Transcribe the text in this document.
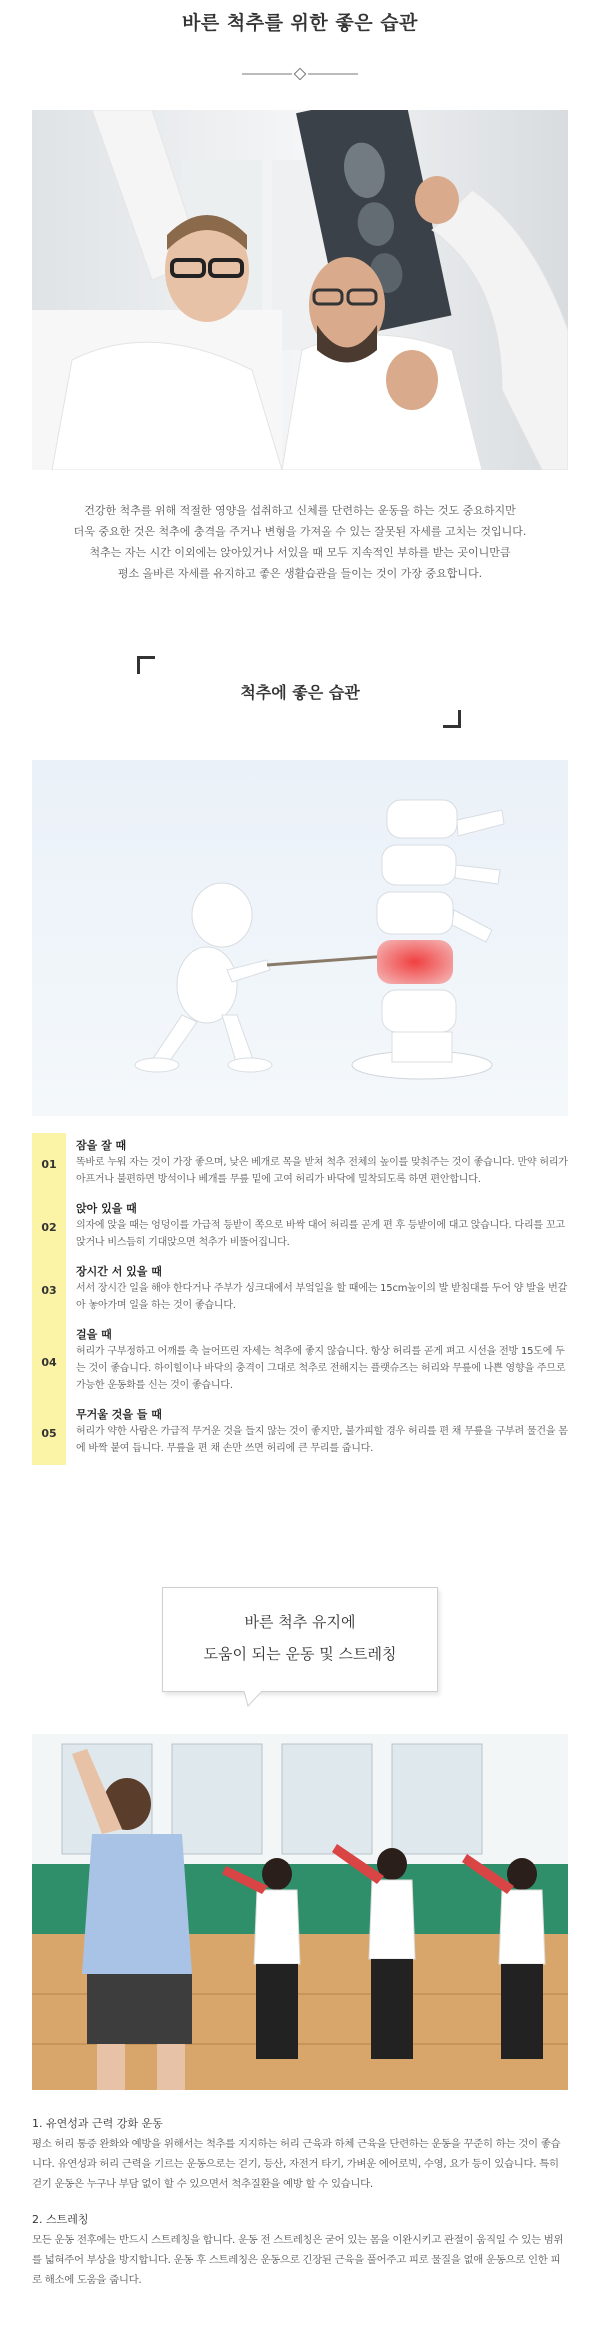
바른 척추를 위한 좋은 습관

건강한 척추를 위해 적절한 영양을 섭취하고 신체를 단련하는 운동을 하는 것도 중요하지만

더욱 중요한 것은 척추에 충격을 주거나 변형을 가져올 수 있는 잘못된 자세를 고치는 것입니다.

척추는 자는 시간 이외에는 앉아있거나 서있을 때 모두 지속적인 부하를 받는 곳이니만큼

평소 올바른 자세를 유지하고 좋은 생활습관을 들이는 것이 가장 중요합니다.

척추에 좋은 습관
01
잠을 잘 때
똑바로 누워 자는 것이 가장 좋으며, 낮은 베개로 목을 받쳐 척추 전체의 높이를 맞춰주는 것이 좋습니다. 만약 허리가 아프거나 불편하면 방석이나 베개를 무릎 밑에 고여 허리가 바닥에 밀착되도록 하면 편안합니다.
02
앉아 있을 때
의자에 앉을 때는 엉덩이를 가급적 등받이 쪽으로 바싹 대어 허리를 곧게 편 후 등받이에 대고 앉습니다. 다리를 꼬고 앉거나 비스듬히 기대앉으면 척추가 비뚤어집니다.
03
장시간 서 있을 때
서서 장시간 일을 해야 한다거나 주부가 싱크대에서 부엌일을 할 때에는 15cm높이의 발 받침대를 두어 양 발을 번갈아 놓아가며 일을 하는 것이 좋습니다.
04
걸을 때
허리가 구부정하고 어깨를 축 늘어뜨린 자세는 척추에 좋지 않습니다. 항상 허리를 곧게 펴고 시선을 전방 15도에 두는 것이 좋습니다. 하이힐이나 바닥의 충격이 그대로 척추로 전해지는 플랫슈즈는 허리와 무릎에 나쁜 영향을 주므로 가능한 운동화를 신는 것이 좋습니다.
05
무거울 것을 들 때
허리가 약한 사람은 가급적 무거운 것을 들지 않는 것이 좋지만, 불가피할 경우 허리를 편 채 무릎을 구부려 물건을 몸에 바짝 붙여 듭니다. 무릎을 편 채 손만 쓰면 허리에 큰 무리를 줍니다.
바른 척추 유지에
도움이 되는 운동 및 스트레칭
1. 유연성과 근력 강화 운동
평소 허리 통증 완화와 예방을 위해서는 척추를 지지하는 허리 근육과 하체 근육을 단련하는 운동을 꾸준히 하는 것이 좋습니다. 유연성과 허리 근력을 기르는 운동으로는 걷기, 등산, 자전거 타기, 가벼운 에어로빅, 수영, 요가 등이 있습니다. 특히 걷기 운동은 누구나 부담 없이 할 수 있으면서 척추질환을 예방 할 수 있습니다.
2. 스트레칭
모든 운동 전후에는 반드시 스트레칭을 합니다. 운동 전 스트레칭은 굳어 있는 몸을 이완시키고 관절이 움직일 수 있는 범위를 넓혀주어 부상을 방지합니다. 운동 후 스트레칭은 운동으로 긴장된 근육을 풀어주고 피로 물질을 없애 운동으로 인한 피로 해소에 도움을 줍니다.
